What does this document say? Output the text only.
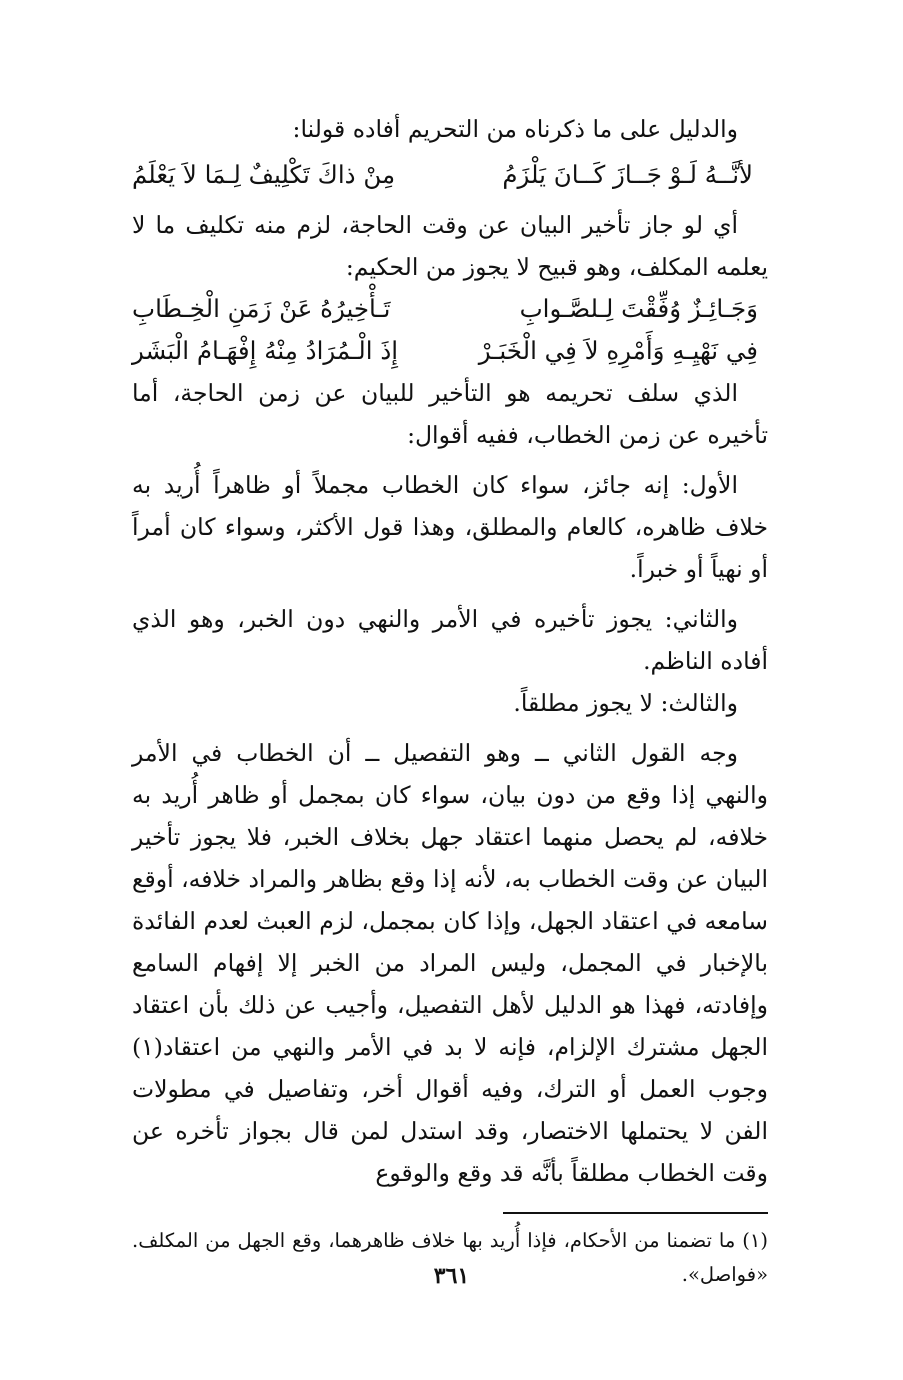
والدليل على ما ذكرناه من التحريم أفاده قولنا:

لأنَّــهُ لَـوْ جَــازَ كَــانَ يَلْزَمُ
مِنْ ذاكَ تَكْلِيفٌ لِـمَا لاَ يَعْلَمُ

أي لو جاز تأخير البيان عن وقت الحاجة، لزم منه تكليف ما لا يعلمه المكلف، وهو قبيح لا يجوز من الحكيم:

وَجَـائِـزٌ وُفِّقْتَ لِـلصَّـوابِ
تَـأْخِيرُهُ عَنْ زَمَنِ الْخِـطَابِ
فِي نَهْيِـهِ وَأَمْرِهِ لاَ فِي الْخَبَـرْ
إِذَ الْـمُرَادُ مِنْهُ إِفْهَـامُ الْبَشَر

الذي سلف تحريمه هو التأخير للبيان عن زمن الحاجة، أما تأخيره عن زمن الخطاب، ففيه أقوال:

الأول: إنه جائز، سواء كان الخطاب مجملاً أو ظاهراً أُريد به خلاف ظاهره، كالعام والمطلق، وهذا قول الأكثر، وسواء كان أمراً أو نهياً أو خبراً.

والثاني: يجوز تأخيره في الأمر والنهي دون الخبر، وهو الذي أفاده الناظم.

والثالث: لا يجوز مطلقاً.

وجه القول الثاني ــ وهو التفصيل ــ أن الخطاب في الأمر والنهي إذا وقع من دون بيان، سواء كان بمجمل أو ظاهر أُريد به خلافه، لم يحصل منهما اعتقاد جهل بخلاف الخبر، فلا يجوز تأخير البيان عن وقت الخطاب به، لأنه إذا وقع بظاهر والمراد خلافه، أوقع سامعه في اعتقاد الجهل، وإذا كان بمجمل، لزم العبث لعدم الفائدة بالإخبار في المجمل، وليس المراد من الخبر إلا إفهام السامع وإفادته، فهذا هو الدليل لأهل التفصيل، وأجيب عن ذلك بأن اعتقاد الجهل مشترك الإلزام، فإنه لا بد في الأمر والنهي من اعتقاد(١) وجوب العمل أو الترك، وفيه أقوال أخر، وتفاصيل في مطولات الفن لا يحتملها الاختصار، وقد استدل لمن قال بجواز تأخره عن وقت الخطاب مطلقاً بأنَّه قد وقع والوقوع

(١) ما تضمنا من الأحكام، فإذا أُريد بها خلاف ظاهرهما، وقع الجهل من المكلف. «فواصل».

٣٦١
